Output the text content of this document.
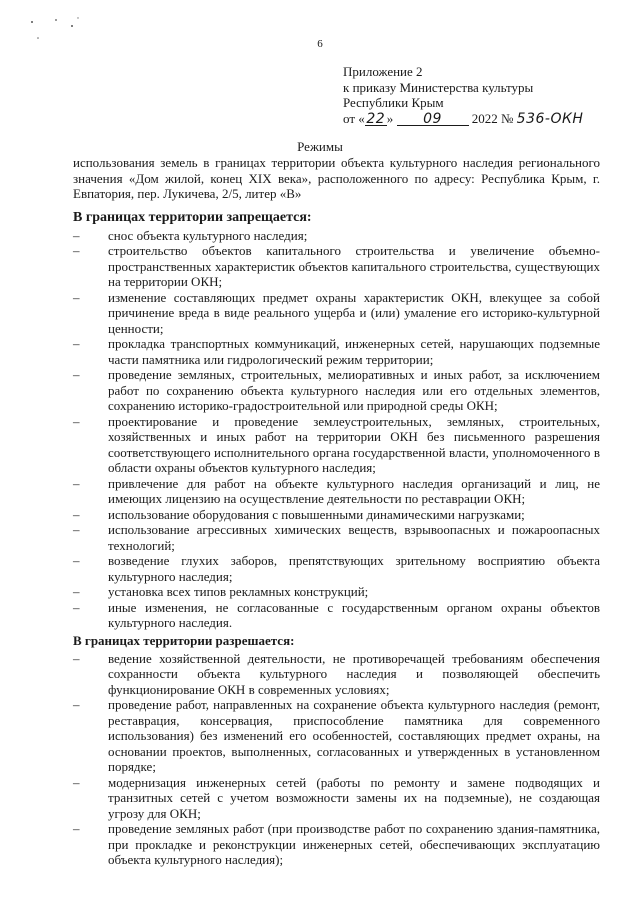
6
Приложение 2
к приказу Министерства культуры
Республики Крым
от « 22 » 09 2022 № 536-ОКН
Режимы
использования земель в границах территории объекта культурного наследия регионального значения «Дом жилой, конец XIX века», расположенного по адресу: Республика Крым, г. Евпатория, пер. Лукичева, 2/5, литер «В»
В границах территории запрещается:
– снос объекта культурного наследия;
– строительство объектов капитального строительства и увеличение объемно-пространственных характеристик объектов капитального строительства, существующих на территории ОКН;
– изменение составляющих предмет охраны характеристик ОКН, влекущее за собой причинение вреда в виде реального ущерба и (или) умаление его историко-культурной ценности;
– прокладка транспортных коммуникаций, инженерных сетей, нарушающих подземные части памятника или гидрологический режим территории;
– проведение земляных, строительных, мелиоративных и иных работ, за исключением работ по сохранению объекта культурного наследия или его отдельных элементов, сохранению историко-градостроительной или природной среды ОКН;
– проектирование и проведение землеустроительных, земляных, строительных, хозяйственных и иных работ на территории ОКН без письменного разрешения соответствующего исполнительного органа государственной власти, уполномоченного в области охраны объектов культурного наследия;
– привлечение для работ на объекте культурного наследия организаций и лиц, не имеющих лицензию на осуществление деятельности по реставрации ОКН;
– использование оборудования с повышенными динамическими нагрузками;
– использование агрессивных химических веществ, взрывоопасных и пожароопасных технологий;
– возведение глухих заборов, препятствующих зрительному восприятию объекта культурного наследия;
– установка всех типов рекламных конструкций;
– иные изменения, не согласованные с государственным органом охраны объектов культурного наследия.
В границах территории разрешается:
– ведение хозяйственной деятельности, не противоречащей требованиям обеспечения сохранности объекта культурного наследия и позволяющей обеспечить функционирование ОКН в современных условиях;
– проведение работ, направленных на сохранение объекта культурного наследия (ремонт, реставрация, консервация, приспособление памятника для современного использования) без изменений его особенностей, составляющих предмет охраны, на основании проектов, выполненных, согласованных и утвержденных в установленном порядке;
– модернизация инженерных сетей (работы по ремонту и замене подводящих и транзитных сетей с учетом возможности замены их на подземные), не создающая угрозу для ОКН;
– проведение земляных работ (при производстве работ по сохранению здания-памятника, при прокладке и реконструкции инженерных сетей, обеспечивающих эксплуатацию объекта культурного наследия);
